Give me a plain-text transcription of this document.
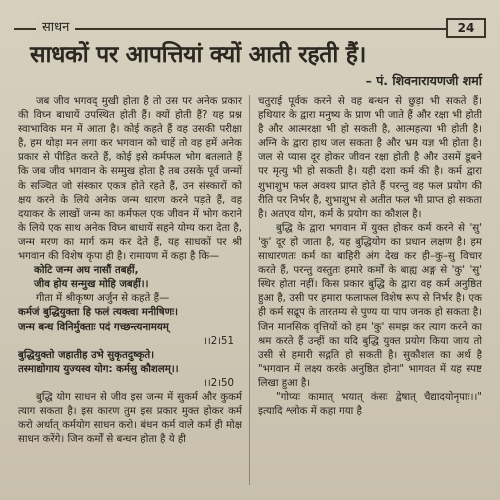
साधन	24
साधकों पर आपत्तियां क्यों आती रहती हैं।
– पं. शिवनारायणजी शर्मा

जब जीव भगवद् मुखी होता है तो उस पर अनेक प्रकार की विघ्न बाधायें उपस्थित होती हैं। क्यों होती हैं? यह प्रश्न स्वाभाविक मन में आता है। कोई कहते हैं वह उसकी परीक्षा है, हम थोड़ा मन लगा कर भगवान को चाहें तो वह हमें अनेक प्रकार से पीड़ित करते हैं, कोई इसे कर्मफल भोग बतलाते हैं कि जब जीव भगवान के सम्मुख होता है तब उसके पूर्व जन्मों के सञ्चित जो संस्कार एकत्र होते रहते हैं, उन संस्कारों को क्षय करने के लिये अनेक जन्म धारण करने पड़ते हैं, वह दयाकर के लाखों जन्म का कर्मफल एक जीवन में भोग कराने के लिये एक साथ अनेक विघ्न बाधायें सहने योग्य करा देता है, जन्म मरण का मार्ग कम कर देते हैं, यह साधकों पर श्री भगवान की विशेष कृपा ही है। रामायण में कहा है कि—

कोटि जन्म अघ नासौं तबहीं,

जीव होय सन्मुख मोहि जबहीं।।

गीता में श्रीकृष्ण अर्जुन से कहते हैं—

कर्मजं बुद्धियुक्ता हि फलं त्यक्त्वा मनीषिणः।

जन्म बन्ध विनिर्मुक्ताः पदं गच्छन्त्यनामयम्

।।2।51

बुद्धियुक्तो जहातीह उभे सुकृतदुष्कृते।

तस्माद्योगाय युज्यस्व योग: कर्मसु कौशलम्।।

।।2।50

बुद्धि योग साधन से जीव इस जन्म में सुकर्म और कुकर्म त्याग सकता है। इस कारण तुम इस प्रकार मुक्त होकर कर्म करो अर्थात् कर्मयोग साधन करो। बंधन कर्म वाले कर्म ही मोक्ष साधन करेंगे। जिन कर्मों से बन्धन होता है ये ही

चतुराई पूर्वक करने से वह बन्धन से छुड़ा भी सकते हैं। हथियार के द्वारा मनुष्य के प्राण भी जाते हैं और रक्षा भी होती है और आत्मरक्षा भी हो सकती है, आत्महत्या भी होती है। अग्नि के द्वारा हाथ जल सकता है और भ्रम यज्ञ भी होता है। जल से प्यास दूर होकर जीवन रक्षा होती है और उसमें डूबने पर मृत्यु भी हो सकती है। यही दशा कर्म की है। कर्म द्वारा शुभाशुभ फल अवश्य प्राप्त होते हैं परन्तु वह फल प्रयोग की रीति पर निर्भर है, शुभाशुभ से अतीत फल भी प्राप्त हो सकता है। अतएव योग, कर्म के प्रयोग का कौशल है।

बुद्धि के द्वारा भगवान में युक्त होकर कर्म करने से 'सु' 'कु' दूर हो जाता है, यह बुद्धियोग का प्रधान लक्षण है। हम साधारणतः कर्म का बाहिरी अंग देख कर ही–कु–सु विचार करते हैं, परन्तु वस्तुतः हमारे कर्मों के बाह्य अङ्ग से 'कु' 'सु' स्थिर होता नहीं। किस प्रकार बुद्धि के द्वारा वह कर्म अनुष्ठित हुआ है, उसी पर हमारा फलाफल विशेष रूप से निर्भर है। एक ही कर्म सद्रूप के तारतम्य से पुण्य या पाप जनक हो सकता है। जिन मानसिक वृत्तियों को हम 'कु' समझ कर त्याग करने का श्रम करते हैं उन्हीं का यदि बुद्धि युक्त प्रयोग किया जाय तो उसी से हमारी सद्गति हो सकती है। सुकौशल का अर्थ है "भगवान में लक्ष्य करके अनुष्ठित होना" भागवत में यह स्पष्ट लिखा हुआ है।

"गोप्यः कामात् भयात् कंसः द्वेषात् चैद्यादयोनृपाः।।" इत्यादि श्लोक में कहा गया है
